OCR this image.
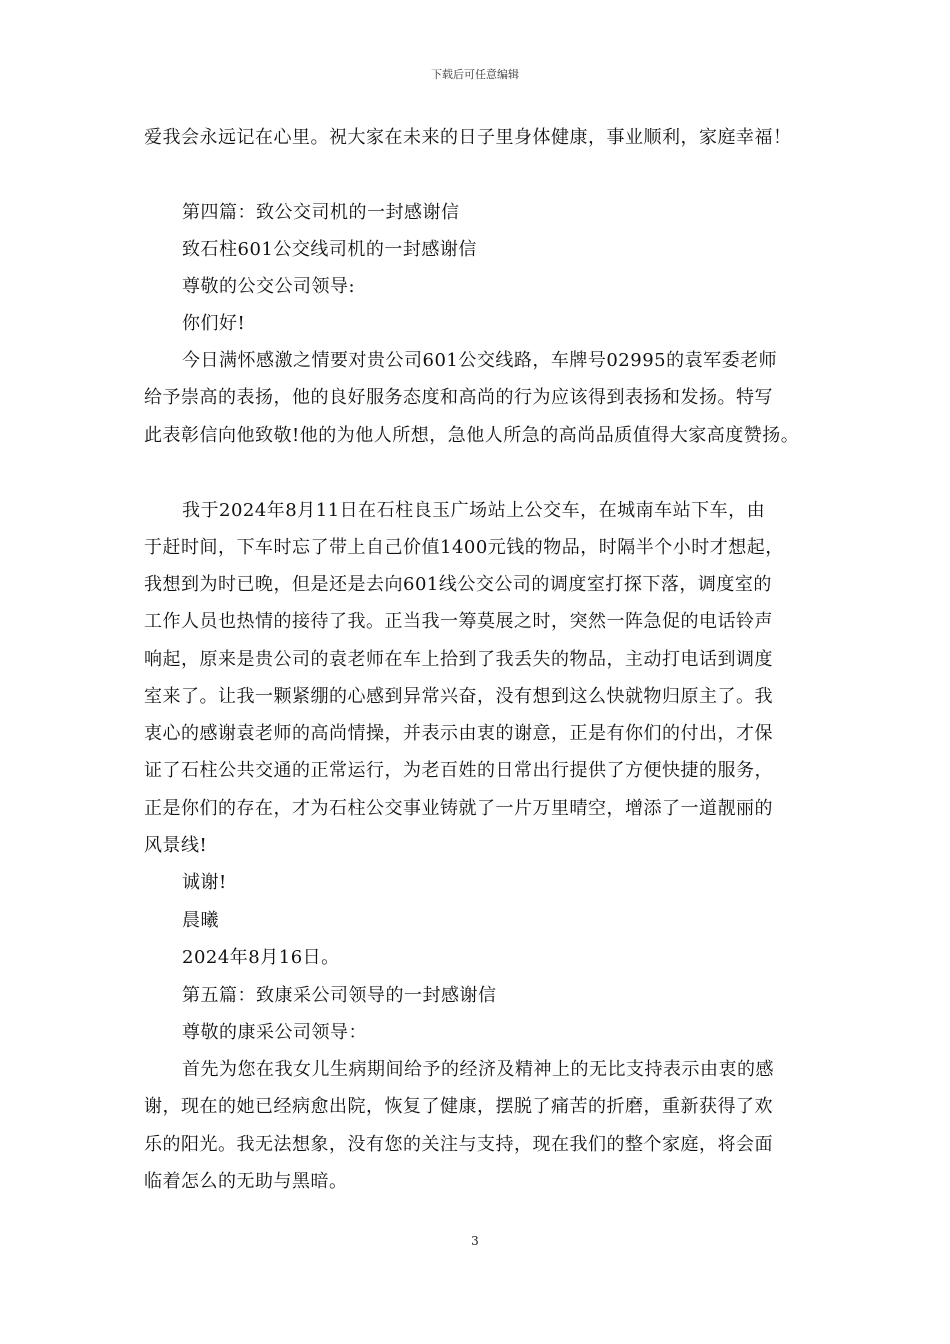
下载后可任意编辑
爱我会永远记在心里。祝大家在未来的日子里身体健康，事业顺利，家庭幸福！
第四篇：致公交司机的一封感谢信
致石柱601公交线司机的一封感谢信
尊敬的公交公司领导:
你们好!
今日满怀感激之情要对贵公司601公交线路，车牌号02995的袁军委老师
给予崇高的表扬，他的良好服务态度和高尚的行为应该得到表扬和发扬。特写
此表彰信向他致敬!他的为他人所想，急他人所急的高尚品质值得大家高度赞扬。
我于2024年8月11日在石柱良玉广场站上公交车，在城南车站下车，由
于赶时间，下车时忘了带上自己价值1400元钱的物品，时隔半个小时才想起，
我想到为时已晚，但是还是去向601线公交公司的调度室打探下落，调度室的
工作人员也热情的接待了我。正当我一筹莫展之时，突然一阵急促的电话铃声
响起，原来是贵公司的袁老师在车上拾到了我丢失的物品，主动打电话到调度
室来了。让我一颗紧绷的心感到异常兴奋，没有想到这么快就物归原主了。我
衷心的感谢袁老师的高尚情操，并表示由衷的谢意，正是有你们的付出，才保
证了石柱公共交通的正常运行，为老百姓的日常出行提供了方便快捷的服务，
正是你们的存在，才为石柱公交事业铸就了一片万里晴空，增添了一道靓丽的
风景线!
诚谢!
晨曦
2024年8月16日。
第五篇：致康采公司领导的一封感谢信
尊敬的康采公司领导：
首先为您在我女儿生病期间给予的经济及精神上的无比支持表示由衷的感
谢，现在的她已经病愈出院，恢复了健康，摆脱了痛苦的折磨，重新获得了欢
乐的阳光。我无法想象，没有您的关注与支持，现在我们的整个家庭，将会面
临着怎么的无助与黑暗。
3
